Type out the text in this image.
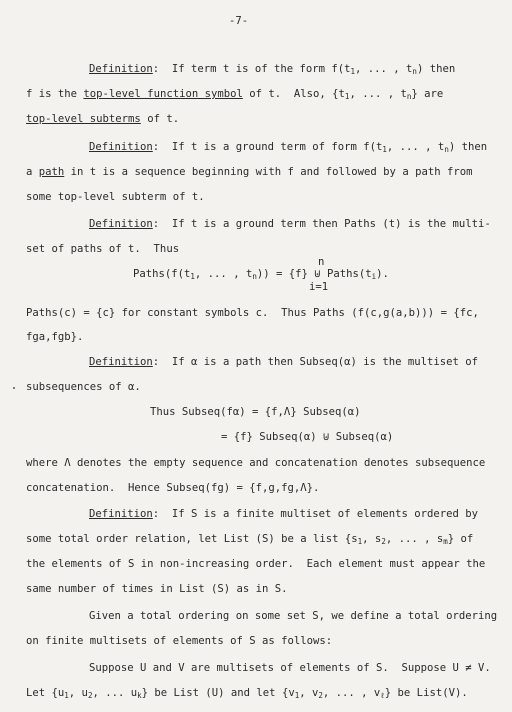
-7-
Definition:  If term t is of the form $f(t_1$, ... , $t_n$) then
f is the top-level function symbol of t.  Also, {$t_1$, ... , $t_n$} are
top-level subterms of t.
Definition:  If t is a ground term of form $f(t_1$, ... , $t_n$) then
a path in t is a sequence beginning with f and followed by a path from
some top-level subterm of t.
Definition:  If t is a ground term then Paths (t) is the multi-
set of paths of t.  Thus
n
$Paths(f(t_1$, ... , $t_n)) = \{f\}$ ⊎ $Paths(t_i)$.
i=1
Paths(c) = {c} for constant symbols c.  Thus Paths (f(c,g(a,b))) = {fc,
fga,fgb}.
Definition:  If α is a path then Subseq(α) is the multiset of
subsequences of α.
Thus Subseq(fα) = {f,Λ} Subseq(α)
= {f} Subseq(α) ⊎ Subseq(α)
where Λ denotes the empty sequence and concatenation denotes subsequence
concatenation.  Hence Subseq(fg) = {f,g,fg,Λ}.
Definition:  If S is a finite multiset of elements ordered by
some total order relation, let List (S) be a list {$s_1$, $s_2$, ... , $s_m$} of
the elements of S in non-increasing order.  Each element must appear the
same number of times in List (S) as in S.
Given a total ordering on some set S, we define a total ordering
on finite multisets of elements of S as follows:
Suppose U and V are multisets of elements of S.  Suppose U ≠ V.
Let {$u_1$, $u_2$, ... $u_k$} be List (U) and let {$v_1$, $v_2$, ... , $v_\ell$} be List(V).
